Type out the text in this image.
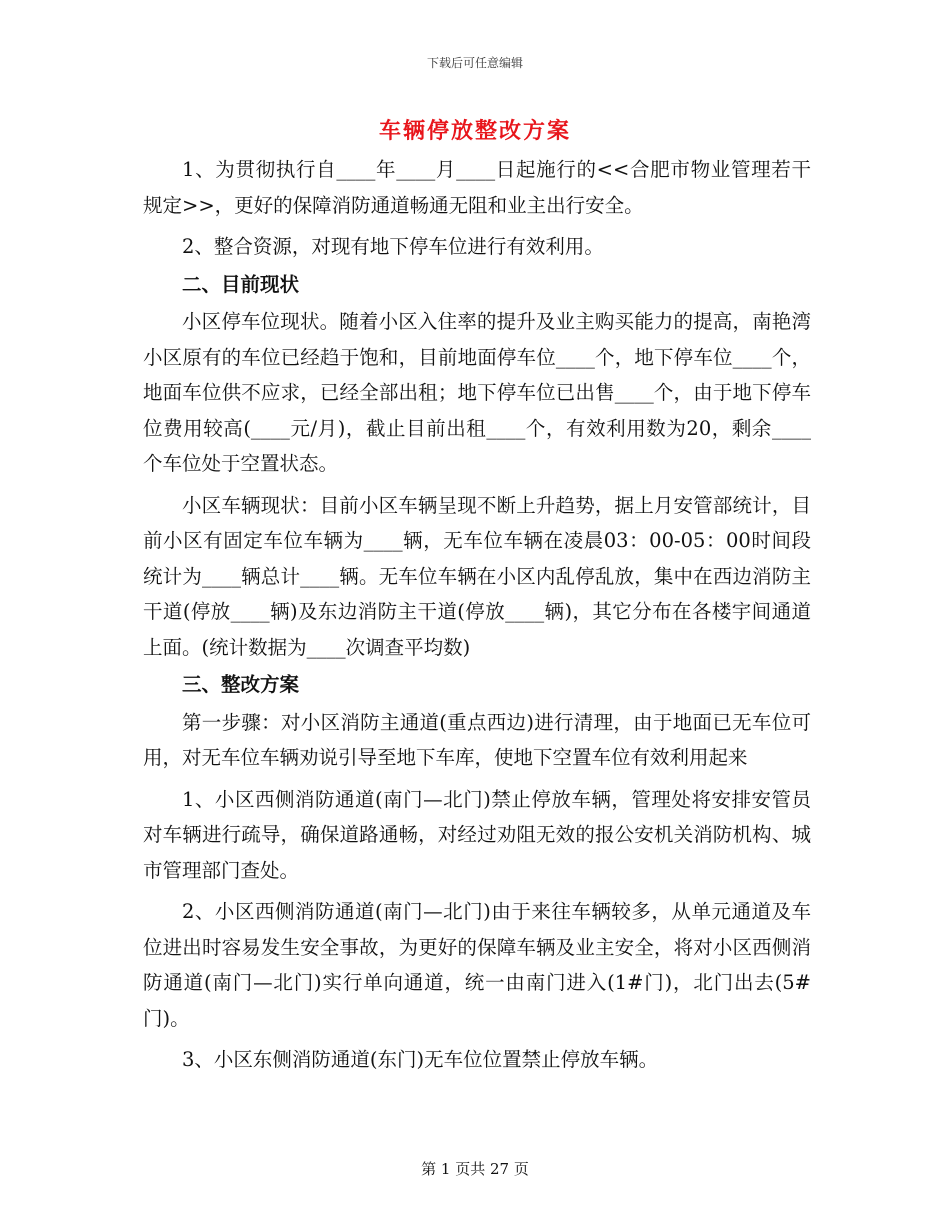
下载后可任意编辑
车辆停放整改方案

1、为贯彻执行自____年____月____日起施行的<<合肥市物业管理若干规定>>，更好的保障消防通道畅通无阻和业主出行安全。

2、整合资源，对现有地下停车位进行有效利用。

二、目前现状

小区停车位现状。随着小区入住率的提升及业主购买能力的提高，南艳湾小区原有的车位已经趋于饱和，目前地面停车位____个，地下停车位____个，地面车位供不应求，已经全部出租；地下停车位已出售____个，由于地下停车位费用较高(____元/月)，截止目前出租____个，有效利用数为20，剩余____个车位处于空置状态。

小区车辆现状：目前小区车辆呈现不断上升趋势，据上月安管部统计，目前小区有固定车位车辆为____辆，无车位车辆在凌晨03：00-05：00时间段统计为____辆总计____辆。无车位车辆在小区内乱停乱放，集中在西边消防主干道(停放____辆)及东边消防主干道(停放____辆)，其它分布在各楼宇间通道上面。(统计数据为____次调查平均数)

三、整改方案

第一步骤：对小区消防主通道(重点西边)进行清理，由于地面已无车位可用，对无车位车辆劝说引导至地下车库，使地下空置车位有效利用起来

1、小区西侧消防通道(南门—北门)禁止停放车辆，管理处将安排安管员对车辆进行疏导，确保道路通畅，对经过劝阻无效的报公安机关消防机构、城市管理部门查处。

2、小区西侧消防通道(南门—北门)由于来往车辆较多，从单元通道及车位进出时容易发生安全事故，为更好的保障车辆及业主安全，将对小区西侧消防通道(南门—北门)实行单向通道，统一由南门进入(1#门)，北门出去(5#门)。

3、小区东侧消防通道(东门)无车位位置禁止停放车辆。

第 1 页共 27 页
